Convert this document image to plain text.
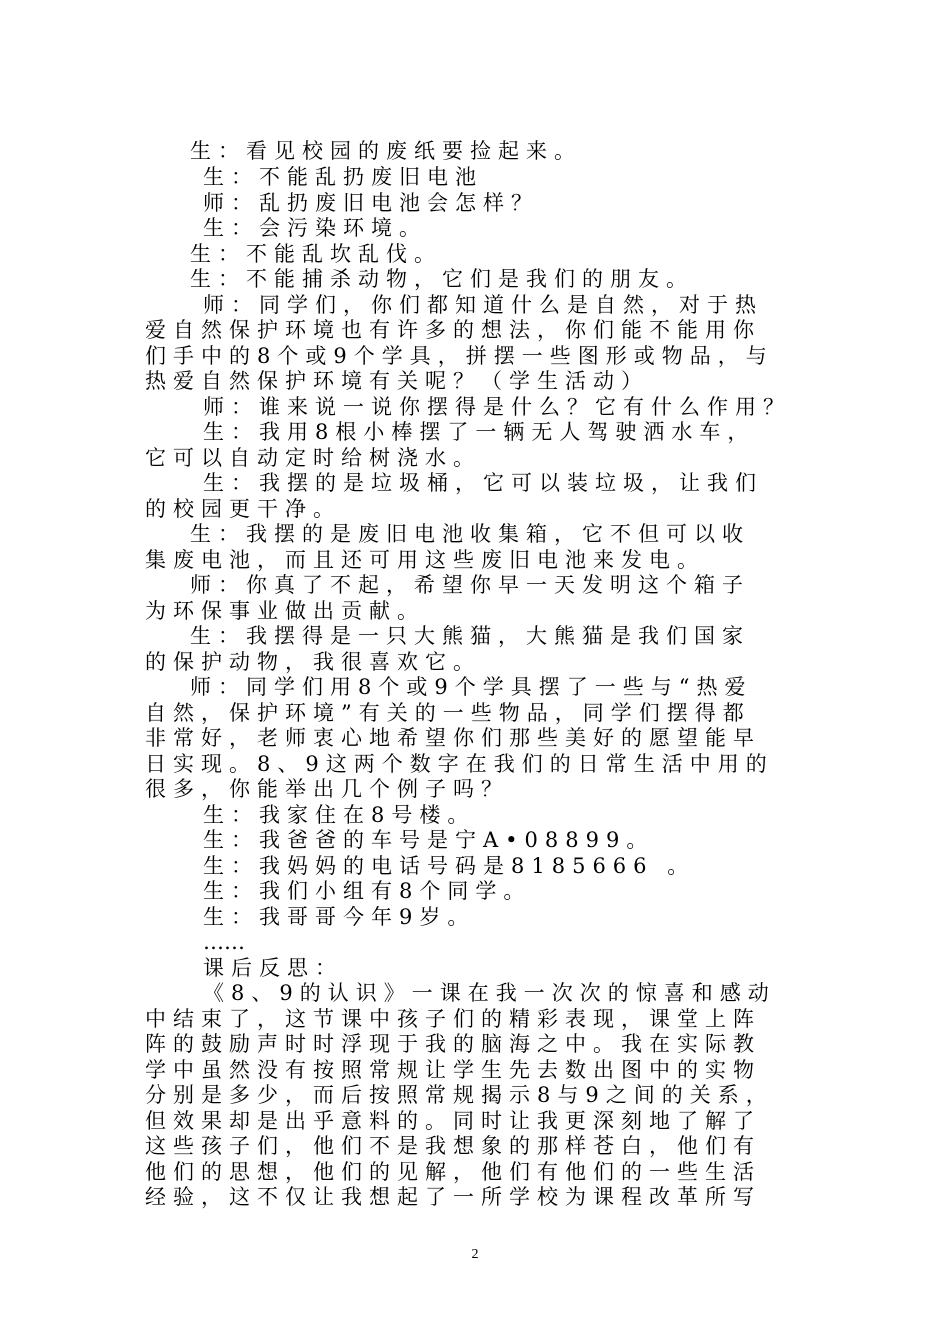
生：看见校园的废纸要捡起来。
生：不能乱扔废旧电池
师：乱扔废旧电池会怎样？
生：会污染环境。
生：不能乱坎乱伐。
生：不能捕杀动物，它们是我们的朋友。
师：同学们，你们都知道什么是自然，对于热
爱自然保护环境也有许多的想法，你们能不能用你
们手中的8个或9个学具，拼摆一些图形或物品，与
热爱自然保护环境有关呢？（学生活动）
师：谁来说一说你摆得是什么？它有什么作用？
生：我用8根小棒摆了一辆无人驾驶洒水车，
它可以自动定时给树浇水。
生：我摆的是垃圾桶，它可以装垃圾，让我们
的校园更干净。
生：我摆的是废旧电池收集箱，它不但可以收
集废电池，而且还可用这些废旧电池来发电。
师：你真了不起，希望你早一天发明这个箱子
为环保事业做出贡献。
生：我摆得是一只大熊猫，大熊猫是我们国家
的保护动物，我很喜欢它。
师：同学们用8个或9个学具摆了一些与“热爱
自然，保护环境”有关的一些物品，同学们摆得都
非常好，老师衷心地希望你们那些美好的愿望能早
日实现。8、9这两个数字在我们的日常生活中用的
很多，你能举出几个例子吗？
生：我家住在8号楼。
生：我爸爸的车号是宁A•08899。
生：我妈妈的电话号码是8185666 。
生：我们小组有8个同学。
生：我哥哥今年9岁。
……
课后反思：
《8、9的认识》一课在我一次次的惊喜和感动
中结束了，这节课中孩子们的精彩表现，课堂上阵
阵的鼓励声时时浮现于我的脑海之中。我在实际教
学中虽然没有按照常规让学生先去数出图中的实物
分别是多少，而后按照常规揭示8与9之间的关系，
但效果却是出乎意料的。同时让我更深刻地了解了
这些孩子们，他们不是我想象的那样苍白，他们有
他们的思想，他们的见解，他们有他们的一些生活
经验，这不仅让我想起了一所学校为课程改革所写
2
